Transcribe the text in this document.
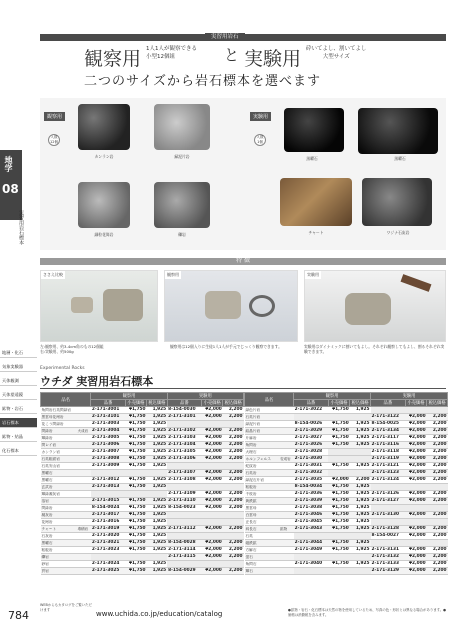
実習用岩石
地学
08
実習用岩石標本
地層・化石
気象実験器
天体観測
天体望遠鏡
鉱物・岩石
岩石標本
鉱物・結晶
化石標本
観察用 1人1人が観察できる
小型12個組	と 実験用 砕いてよし、割いてよし
大型サイズ
二つのサイズから岩石標本を選べます
観察用
入数
12個
カンラン岩	緑泥片岩
細粒花崗岩	礫岩
実験用
入数
1個
黒曜石	黒曜石
チャート	ワジナ石灰岩
特 徴
ささえ比較	観察用	実験用
左:観察用、約3-4cm角のもの12個組
右:実験用、約500g
観察用は12個入りに生徒1人1人が手元でじっくり観察できます。	実験用はダイナミックに割いてもよし。それぞれ観察してもよし、割るそれぞれ実験できます。
Experimental Rocks
ウチダ 実習用岩石標本
品名		観察用			実験用		
		品番	小売価格	税込価格	品番	小売価格	税込価格
角閃岩石英閃緑岩		2-171-3001	¥1,750	1,925	8-154-0030	¥2,000	2,200
黒雲母花崗岩		2-171-3101	¥1,750	1,925	2-171-3101	¥2,000	2,200
花こう閃緑岩		2-171-3003	¥1,750	1,925			
閃緑岩	火成岩	2-171-3004	¥1,750	1,925	2-171-3102	¥2,000	2,200
輝緑岩		2-171-3005	¥1,750	1,925	2-171-3103	¥2,000	2,200
閃レイ岩		2-171-3006	¥1,750	1,925	2-171-3104	¥2,000	2,200
カンラン岩		2-171-3007	¥1,750	1,925	2-171-3105	¥2,000	2,200
石英粗面岩		2-171-3008	¥1,750	1,925	2-171-3106	¥2,000	2,200
石英安山岩		2-171-3009	¥1,750	1,925			
黒曜石					2-171-3107	¥2,000	2,200
黒曜石		2-171-3012	¥1,750	1,925	2-171-3108	¥2,000	2,200
玄武岩		2-171-3013	¥1,750	1,925			
輝緑凝灰岩					2-171-3109	¥2,000	2,200
溶岩		2-171-3015	¥1,750	1,925	2-171-3110	¥2,000	2,200
閃緑岩		8-154-0024	¥1,750	1,925	8-154-0023	¥2,000	2,200
凝灰岩		2-171-3017	¥1,750	1,925			
花崗岩		2-171-3016	¥1,750	1,925			
チャート	堆積岩	2-171-3019	¥1,750	1,925	2-171-3112	¥2,000	2,200
石灰岩		2-171-3020	¥1,750	1,925			
黒曜石		2-171-3021	¥1,750	1,925	8-154-0028	¥2,000	2,200
粘板岩		2-171-3023	¥1,750	1,925	2-171-3114	¥2,000	2,200
礫岩					2-171-3115	¥2,000	2,200
砂岩		2-171-3024	¥1,750	1,925			
頁岩		2-171-3025	¥1,750	1,925	8-154-0029	¥2,000	2,200
品名		観察用			実験用		
		品番	小売価格	税込価格	品番	小売価格	税込価格
緑色片岩		2-171-3022	¥1,750	1,925			
石英片岩					2-171-3122	¥2,000	2,200
緑泥片岩		8-154-0026	¥1,750	1,925	8-154-0025	¥2,000	2,200
結晶片岩		2-171-3029	¥1,750	1,925	2-171-3134	¥2,000	2,200
片麻岩		2-171-3027	¥1,750	1,925	2-171-3117	¥2,000	2,200
角閃岩		2-171-3026	¥1,750	1,925	2-171-3116	¥2,000	2,200
大理石		2-171-3028			2-171-3118	¥2,000	2,200
ホルンフェルス	変成岩	2-171-3030			2-171-3119	¥2,000	2,200
蛇紋岩		2-171-3031	¥1,750	1,925	2-171-3121	¥2,000	2,200
石英岩		2-171-3032			2-171-3123	¥2,000	2,200
緑泥石片岩		2-171-3035	¥2,000	2,200	2-171-3124	¥2,000	2,200
粘板岩		8-154-0034	¥1,750	1,925			
千枚岩		2-171-3036	¥1,750	1,925	2-171-3126	¥2,000	2,200
黄鉄鉱		2-171-3039	¥1,750	1,925	2-171-3127	¥2,000	2,200
黒雲母		2-171-3038	¥1,750	1,925			
白雲母		2-171-3046	¥1,750	1,925	2-171-3130	¥2,000	2,200
正長石		2-171-3045	¥1,750	1,925			
斜長石	鉱物	2-171-3043	¥1,750	1,925	2-171-3128	¥2,000	2,200
石英					8-154-0027	¥2,000	2,200
磁鉄鉱		2-171-3044	¥1,750	1,925			
方解石		2-171-3049	¥1,750	1,925	2-171-3131	¥2,000	2,200
蛍石					2-171-3132	¥2,000	2,200
角閃石		2-171-3040	¥1,750	1,925	2-171-3133	¥2,000	2,200
輝石					2-171-3129	¥2,000	2,200
784
WEBからもカタログをご覧いただけます
www.uchida.co.jp/education/catalog	●鉱物・岩石・化石標本は天然の物を使用しているため、写真の色・形状とは異なる場合があります。●価格は消費税を含みます。
